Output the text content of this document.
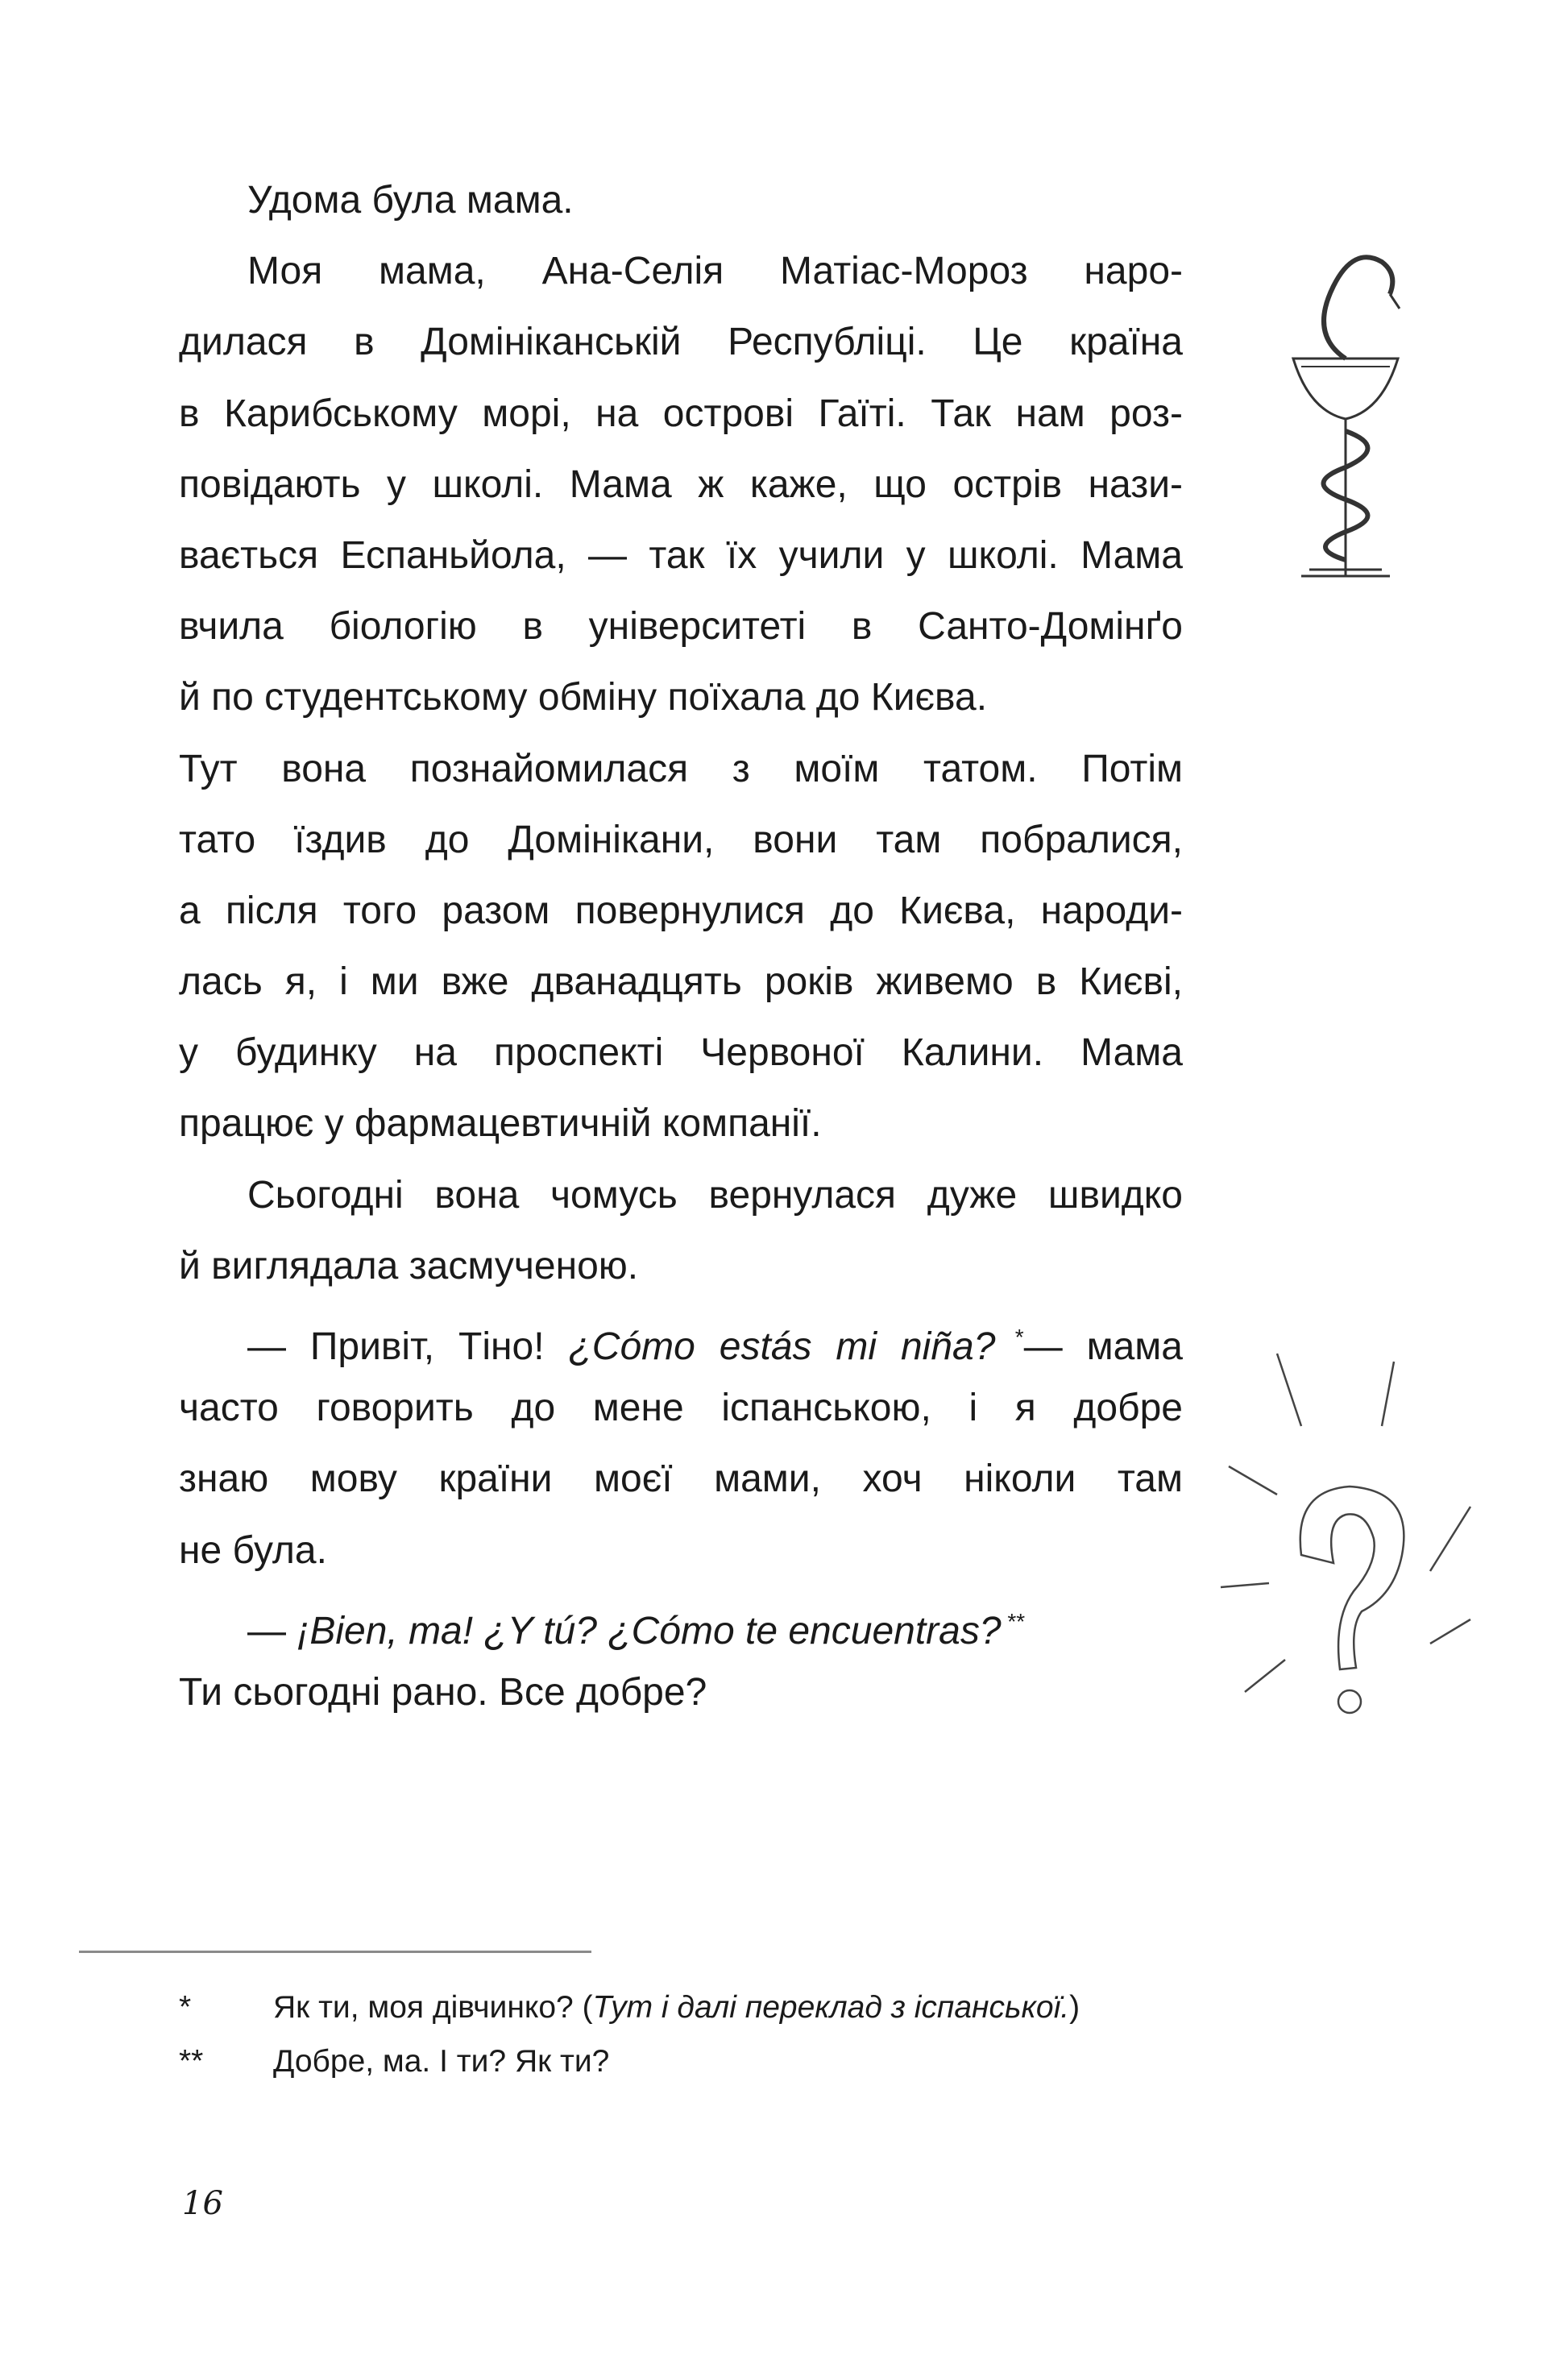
Удома була мама.
Моя мама, Ана-Селія Матіас-Мороз наро-
дилася в Домініканській Республіці. Це країна
в Карибському морі, на острові Гаїті. Так нам роз-
повідають у школі. Мама ж каже, що острів нази-
вається Еспаньйола, — так їх учили у школі. Мама
вчила біологію в університеті в Санто-Домінґо
й по студентському обміну поїхала до Києва.
Тут вона познайомилася з моїм татом. Потім
тато їздив до Домінікани, вони там побралися,
а після того разом повернулися до Києва, народи-
лась я, і ми вже дванадцять років живемо в Києві,
у будинку на проспекті Червоної Калини. Мама
працює у фармацевтичній компанії.
Сьогодні вона чомусь вернулася дуже швидко
й виглядала засмученою.
— Привіт, Тіно! ¿Cómo estás mi niña? *— мама
часто говорить до мене іспанською, і я добре
знаю мову країни моєї мами, хоч ніколи там
не була.
— ¡Bien, ma! ¿Y tú? ¿Cómo te encuentras? **
Ти сьогодні рано. Все добре?
*	Як ти, моя дівчинко? (Тут і далі переклад з іспанської.)
** Добре, ма. І ти? Як ти?
16
